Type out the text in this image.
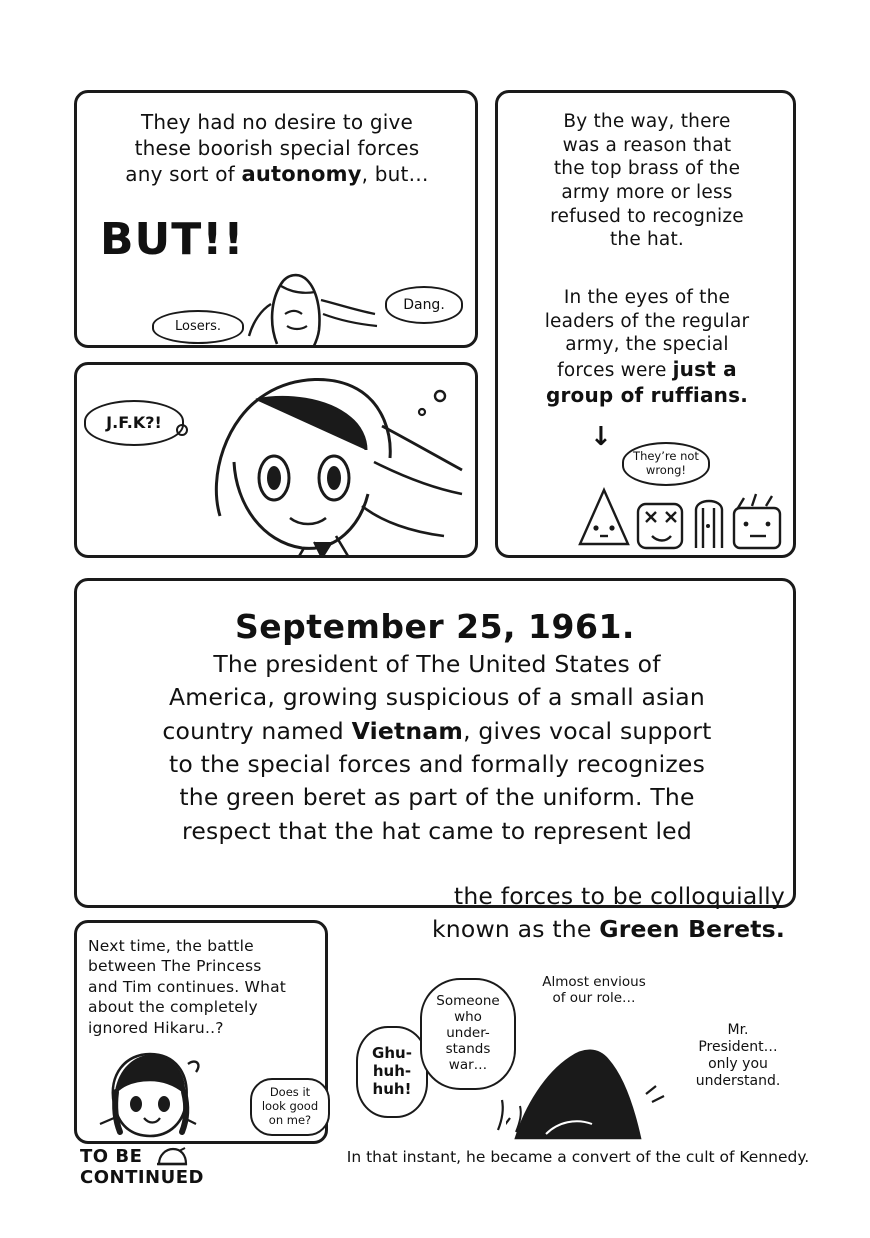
They had no desire to give
these boorish special forces
any sort of autonomy, but…
BUT!!
Losers.
Dang.
By the way, there
was a reason that
the top brass of the
army more or less
refused to recognize
the hat.
In the eyes of the
leaders of the regular
army, the special
forces were just a
group of ruffians.
↓
They’re not
wrong!
J.F.K?!
September 25, 1961.
The president of The United States of
America, growing suspicious of a small asian
country named Vietnam, gives vocal support
to the special forces and formally recognizes
the green beret as part of the uniform. The
respect that the hat came to represent led
the forces to be colloquially
known as the Green Berets.
Next time, the battle
between The Princess
and Tim continues. What
about the completely
ignored Hikaru..?
Does it
look good
on me?
Ghu-
huh-
huh!
Someone
who
under-
stands
war…
Almost envious
of our role…
Mr.
President…
only you
understand.
TO BE

CONTINUED
In that instant, he became a convert of the cult of Kennedy.
